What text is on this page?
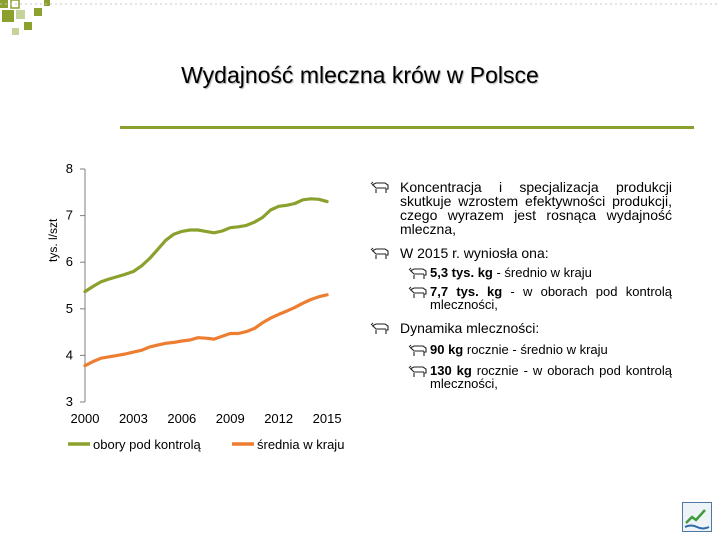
Wydajność mleczna krów w Polsce
3
4
5
6
7
8
2000 2003 2006 2009 2012 2015
obory pod kontrolą	średnia w kraju
tys. l/szt
Koncentracja i specjalizacja produkcji skutkuje wzrostem efektywności produkcji, czego wyrazem jest rosnąca wydajność mleczna,
W 2015 r. wyniosła ona:
5,3 tys. kg - średnio w kraju
7,7 tys. kg - w oborach pod kontrolą mleczności,
Dynamika mleczności:
90 kg rocznie - średnio w kraju
130 kg rocznie - w oborach pod kontrolą mleczności,
